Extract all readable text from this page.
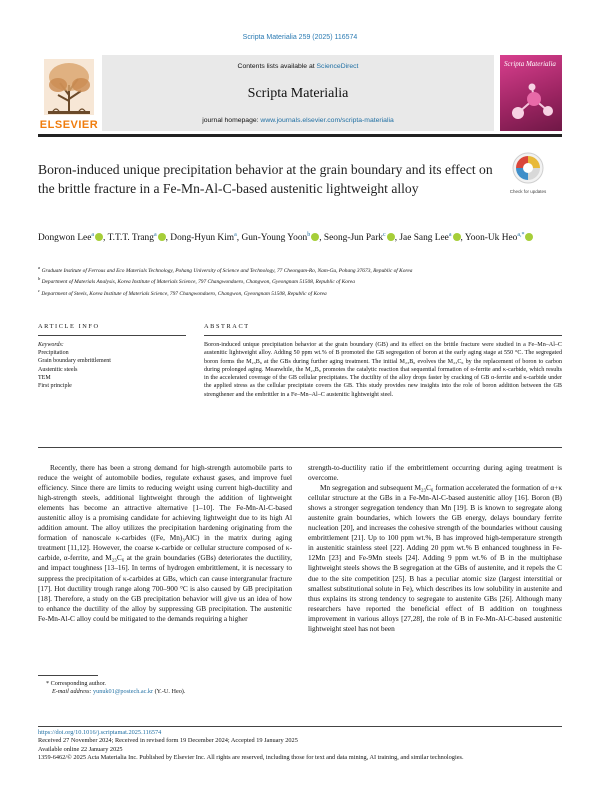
Scripta Materialia 259 (2025) 116574
ELSEVIER
Contents lists available at ScienceDirect
Scripta Materialia
journal homepage: www.journals.elsevier.com/scripta-materialia
Scripta Materialia
Boron-induced unique precipitation behavior at the grain boundary and its effect on the brittle fracture in a Fe-Mn-Al-C-based austenitic lightweight alloy	Check for updates
Dongwon Lee$^a$ , T.T.T. Trang$^a$ , Dong-Hyun Kim$^a$, Gun-Young Yoon$^b$ , Seong-Jun Park$^c$ , Jae Sang Lee$^a$ , Yoon-Uk Heo$^{a,*}$
$^a$ Graduate Institute of Ferrous and Eco Materials Technology, Pohang University of Science and Technology, 77 Cheongam-Ro, Nam-Gu, Pohang 37673, Republic of Korea
$^b$ Department of Materials Analysis, Korea Institute of Materials Science, 797 Changwondaero, Changwon, Gyeongnam 51508, Republic of Korea
$^c$ Department of Steels, Korea Institute of Materials Science, 797 Changwondaero, Changwon, Gyeongnam 51508, Republic of Korea
ARTICLE INFO	ABSTRACT
Keywords:
Precipitation
Grain boundary embrittlement
Austenitic steels
TEM
First principle
Boron-induced unique precipitation behavior at the grain boundary (GB) and its effect on the brittle fracture were studied in a Fe–Mn–Al–C austenitic lightweight alloy. Adding 50 ppm wt.% of B promoted the GB segregation of boron at the early aging stage at 550 °C. The segregated boron forms the M₂₃B₆ at the GBs during further aging treatment. The initial M₂₃B₆ evolves the M₂₃C₆ by the replacement of boron to carbon during prolonged aging. Meanwhile, the M₂₃B₆ promotes the catalytic reaction that sequential formation of α-ferrite and κ-carbide, which results in the accelerated coverage of the GB cellular precipitates. The ductility of the alloy drops faster by cracking of GB α-ferrite and κ-carbide under the applied stress as the cellular precipitate covers the GB. This study provides new insights into the role of boron addition between the GB strengthener and the embrittler in a Fe–Mn–Al–C austenitic lightweight steel.

Recently, there has been a strong demand for high-strength automobile parts to reduce the weight of automobile bodies, regulate exhaust gases, and improve fuel efficiency. Since there are limits to reducing weight using current high-ductility and high-strength steels, additional lightweight through the addition of lightweight elements has become an attractive alternative [1–10]. The Fe-Mn-Al-C-based austenitic alloy is a promising candidate for achieving lightweight due to its high Al addition amount. The alloy utilizes the precipitation hardening originating from the formation of nanoscale κ-carbides ((Fe, Mn)₃AlC) in the matrix during aging treatment [11,12]. However, the coarse κ-carbide or cellular structure composed of κ-carbide, α-ferrite, and M₂₃C₆ at the grain boundaries (GBs) deteriorates the ductility, and impact toughness [13–16]. In terms of hydrogen embrittlement, it is necessary to suppress the precipitation of κ-carbides at GBs, which can cause intergranular fracture [17]. Hot ductility trough range along 700–900 °C is also caused by GB precipitation [18]. Therefore, a study on the GB precipitation behavior will give us an idea of how to enhance the ductility of the alloy by suppressing GB precipitation. The austenitic Fe-Mn-Al-C alloy could be mitigated to the demands requiring a higher

strength-to-ductility ratio if the embrittlement occurring during aging treatment is overcome.

Mn segregation and subsequent M₂₃C₆ formation accelerated the formation of α+κ cellular structure at the GBs in a Fe-Mn-Al-C-based austenitic alloy [16]. Boron (B) shows a stronger segregation tendency than Mn [19]. B is known to segregate along austenite grain boundaries, which lowers the GB energy, delays boundary ferrite nucleation [20], and increases the cohesive strength of the boundaries without causing embrittlement [21]. Up to 100 ppm wt.%, B has improved high-temperature strength in austenitic stainless steel [22]. Adding 20 ppm wt.% B enhanced toughness in Fe-12Mn [23] and Fe-9Mn steels [24]. Adding 9 ppm wt.% of B in the multiphase lightweight steels shows the B segregation at the GBs of austenite, and it repels the C due to the site competition [25]. B has a peculiar atomic size (largest interstitial or smallest substitutional solute in Fe), which describes its low solubility in austenite and thus explains its strong tendency to segregate to austenite GBs [26]. Although many researchers have reported the beneficial effect of B addition on toughness improvement in various alloys [27,28], the role of B in Fe-Mn-Al-C-based austenitic lightweight steel has not been

* Corresponding author.
E-mail address: yunuk01@postech.ac.kr (Y.-U. Heo).
https://doi.org/10.1016/j.scriptamat.2025.116574
Received 27 November 2024; Received in revised form 19 December 2024; Accepted 19 January 2025
Available online 22 January 2025
1359-6462/© 2025 Acta Materialia Inc. Published by Elsevier Inc. All rights are reserved, including those for text and data mining, AI training, and similar technologies.
